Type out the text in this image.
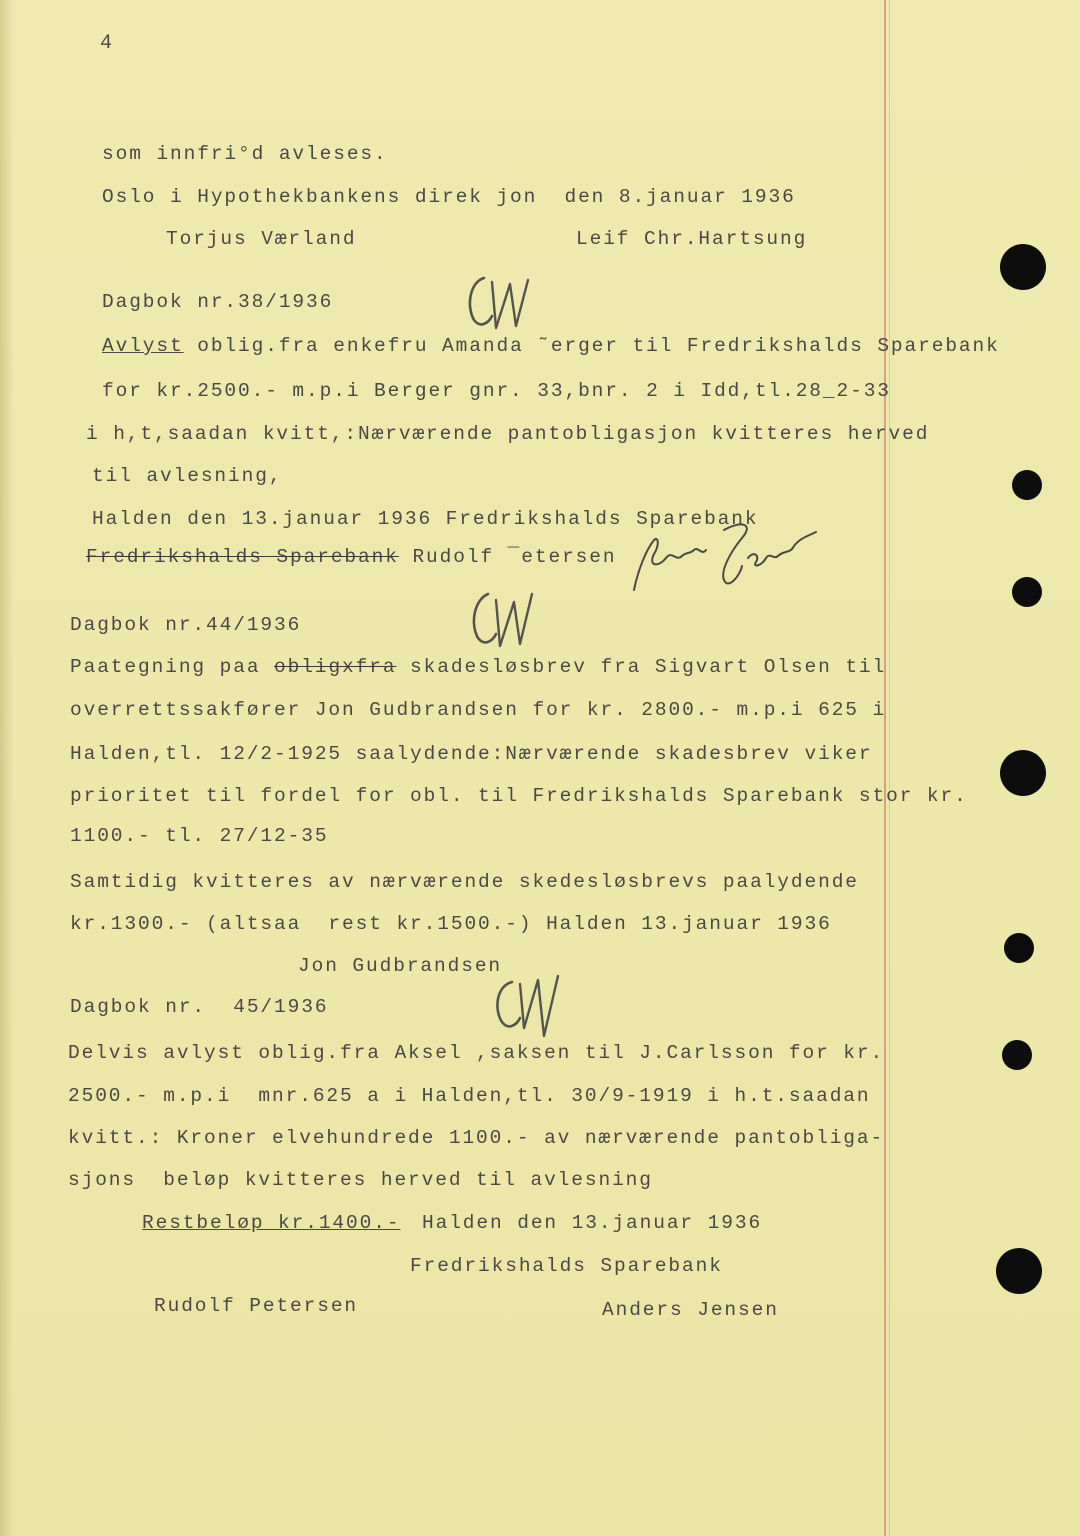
4
som innfri°d avleses.
Oslo i Hypothekbankens direk jon  den 8.januar 1936
Torjus Værland	Leif Chr.Hartsung
Dagbok nr.38/1936
Avlyst oblig.fra enkefru Amanda ˜erger til Fredrikshalds Sparebank
for kr.2500.- m.p.i Berger gnr. 33,bnr. 2 i Idd,tl.28_2-33
i h,t,saadan kvitt,:Nærværende pantobligasjon kvitteres herved
til avlesning,
Halden den 13.januar 1936 Fredrikshalds Sparebank
Fredrikshalds Sparebank Rudolf ¯etersen
Dagbok nr.44/1936
Paategning paa obligxfra skadesløsbrev fra Sigvart Olsen til
overrettssakfører Jon Gudbrandsen for kr. 2800.- m.p.i 625 i
Halden,tl. 12/2-1925 saalydende:Nærværende skadesbrev viker
prioritet til fordel for obl. til Fredrikshalds Sparebank stor kr.
1100.- tl. 27/12-35
Samtidig kvitteres av nærværende skedesløsbrevs paalydende
kr.1300.- (altsaa  rest kr.1500.-) Halden 13.januar 1936
Jon Gudbrandsen
Dagbok nr.  45/1936
Delvis avlyst oblig.fra Aksel ,saksen til J.Carlsson for kr.
2500.- m.p.i  mnr.625 a i Halden,tl. 30/9-1919 i h.t.saadan
kvitt.: Kroner elvehundrede 1100.- av nærværende pantobliga-
sjons  beløp kvitteres herved til avlesning
Restbeløp kr.1400.- Halden den 13.januar 1936
Fredrikshalds Sparebank
Rudolf Petersen	Anders Jensen
